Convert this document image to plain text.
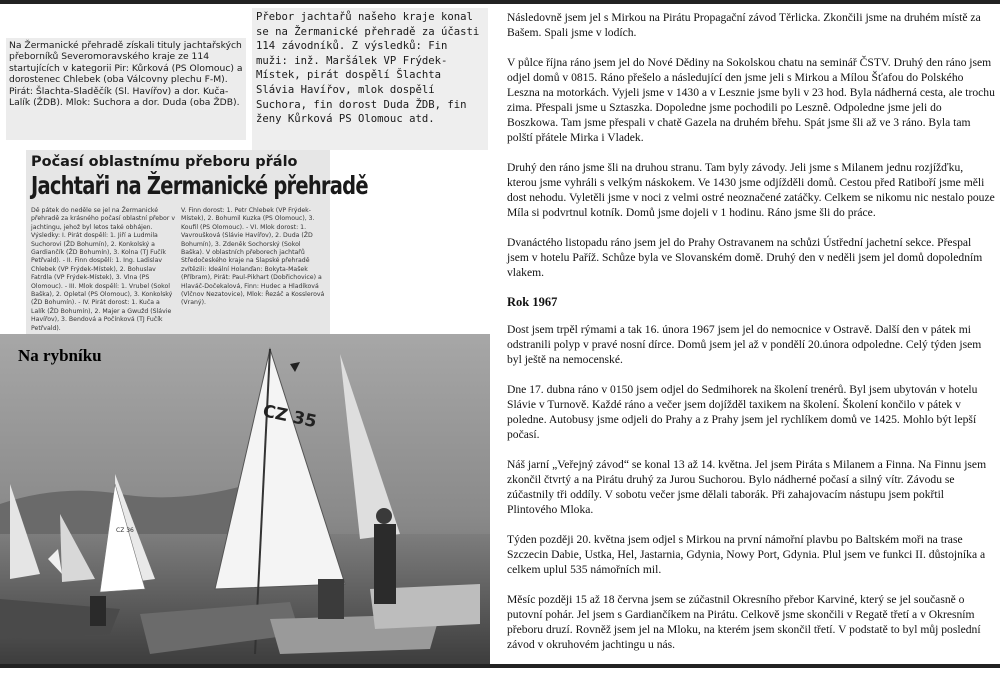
Na Žermanické přehradě získali tituly jachtařských přeborníků Severomoravského kraje ze 114 startujících v kategorii Pir: Kůrková (PS Olomouc) a dorostenec Chlebek (oba Válcovny plechu F-M). Pirát: Šlachta-Sladěčík (Sl. Havířov) a dor. Kuča-Lalík (ŽDB). Mlok: Suchora a dor. Duda (oba ŽDB).
Přebor jachtařů našeho kraje konal se na Žermanické přehradě za účasti 114 závodníků. Z výsledků: Fin muži: inž. Maršálek VP Frýdek-Místek, pirát dospělí Šlachta Slávia Havířov, mlok dospělí Suchora, fin dorost Duda ŽDB, fin ženy Kůrková PS Olomouc atd.
Počasí oblastnímu přeboru přálo
Jachtaři na Žermanické přehradě
Dě pátek do neděle se jel na Žermanické přehradě za krásného počasí oblastní přebor v jachtingu, jehož byl letos také obhájen. Výsledky: I. Pirát dospělí: 1. Jiří a Ludmila Suchorovi (ŽD Bohumín), 2. Konkolský a Gardiančík (ŽD Bohumín), 3. Kolna (TJ Fučík Petřvald). - II. Finn dospělí: 1. Ing. Ladislav Chlebek (VP Frýdek-Místek), 2. Bohuslav Fatrdla (VP Frýdek-Místek), 3. Vlna (PS Olomouc). - III. Mlok dospělí: 1. Vrubel (Sokol Baška), 2. Opletal (PS Olomouc), 3. Konkolský (ŽD Bohumín). - IV. Pirát dorost: 1. Kuča a Lalík (ŽD Bohumín), 2. Majer a Gwužd (Slávie Havířov), 3. Bendová a Počínková (TJ Fučík Petřvald).
V. Finn dorost: 1. Petr Chlebek (VP Frýdek-Místek), 2. Bohumil Kuzka (PS Olomouc), 3. Koufil (PS Olomouc). - VI. Mlok dorost: 1. Vavroušková (Slávie Havířov), 2. Duda (ŽD Bohumín), 3. Zdeněk Sochorský (Sokol Baška). V oblastních přeborech jachtařů Středočeského kraje na Slapské přehradě zvítězili: Ideální Holanďan: Bokyta-Mašek (Příbram), Pirát: Paul-Pikhart (Dobřichovice) a Hlaváč-Dočekalová, Finn: Hudec a Hladíková (Vlčnov Nezatovice), Mlok: Řezáč a Kosslerová (Vraný).
CZ 35
CZ 36
Na rybníku

Následovně jsem jel s Mirkou na Pirátu Propagační závod Těrlicka. Zkončili jsme na druhém místě za Bašem. Spali jsme v lodích.

V půlce října ráno jsem jel do Nové Dědiny na Sokolskou chatu na seminář ČSTV. Druhý den ráno jsem odjel domů v 0815. Ráno přešelo a následující den jsme jeli s Mirkou a Mílou Šťafou do Polského Leszna na motorkách. Vyjeli jsme v 1430 a v Lesznie jsme byli v 23 hod. Byla nádherná cesta, ale trochu zima. Přespali jsme u Sztaszka. Dopoledne jsme pochodili po Lesznê. Odpoledne jsme jeli do Boszkowa. Tam jsme přespali v chatě Gazela na druhém břehu. Spát jsme šli až ve 3 ráno. Byla tam polští přátele Mirka i Vladek.

Druhý den ráno jsme šli na druhou stranu. Tam byly závody. Jeli jsme s Milanem jednu rozjížďku, kterou jsme vyhráli s velkým náskokem. Ve 1430 jsme odjížděli domů. Cestou před Ratiboří jsme měli dost nehodu. Vyletěli jsme v noci z velmi ostré neoznačené zatáčky. Celkem se nikomu nic nestalo pouze Míla si podvrtnul kotník. Domů jsme dojeli v 1 hodinu. Ráno jsme šli do práce.

Dvanáctého listopadu ráno jsem jel do Prahy Ostravanem na schůzi Ústřední jachetní sekce. Přespal jsem v hotelu Paříž. Schůze byla ve Slovanském domě. Druhý den v neděli jsem jel domů dopoledním vlakem.

Rok 1967

Dost jsem trpěl rýmami a tak 16. února 1967 jsem jel do nemocnice v Ostravě. Další den v pátek mi odstranili polyp v pravé nosní dírce. Domů jsem jel až v pondělí 20.února odpoledne. Celý týden jsem byl ještě na nemocenské.

Dne 17. dubna ráno v 0150 jsem odjel do Sedmihorek na školení trenérů. Byl jsem ubytován v hotelu Slávie v Turnově. Každé ráno a večer jsem dojížděl taxikem na školení. Školení končilo v pátek v poledne. Autobusy jsme odjeli do Prahy a z Prahy jsem jel rychlíkem domů ve 1425. Mohlo být lepší počasí.

Náš jarní „Veřejný závod“ se konal 13 až 14. května. Jel jsem Piráta s Milanem a Finna. Na Finnu jsem zkončil čtvrtý a na Pirátu druhý za Jurou Suchorou. Bylo nádherné počasí a silný vítr. Závodu se zúčastnily tři oddíly. V sobotu večer jsme dělali taborák. Při zahajovacím nástupu jsem pokřtil Plintového Mloka.

Týden později 20. května jsem odjel s Mirkou na první námořní plavbu po Baltském moři na trase Szczecin Dabie, Ustka, Hel, Jastarnia, Gdynia, Nowy Port, Gdynia. Plul jsem ve funkci II. důstojníka a celkem uplul 535 námořních mil.

Měsíc později 15 až 18 června jsem se zúčastnil Okresního přebor Karviné, který se jel současně o putovní pohár. Jel jsem s Gardiančíkem na Pirátu. Celkově jsme skončili v Regatě třetí a v Okresním přeboru druzí. Rovněž jsem jel na Mloku, na kterém jsem skončil třetí. V podstatě to byl můj poslední závod v okruhovém jachtingu u nás.
